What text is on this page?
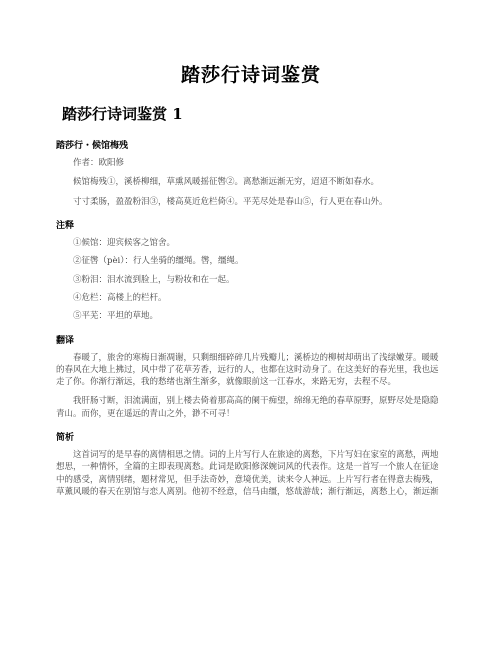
踏莎行诗词鉴赏
踏莎行诗词鉴赏 1
踏莎行・候馆梅残

作者：欧阳修

候馆梅残①，溪桥柳细，草熏风暖摇征辔②。离愁渐远渐无穷，迢迢不断如春水。

寸寸柔肠，盈盈粉泪③，楼高莫近危栏倚④。平芜尽处是春山⑤，行人更在春山外。

注释

①候馆：迎宾候客之馆舍。

②征辔（pèi）：行人坐骑的缰绳。辔，缰绳。

③粉泪：泪水流到脸上，与粉妆和在一起。

④危栏：高楼上的栏杆。

⑤平芜：平坦的草地。

翻译

春暖了，旅舍的寒梅日渐凋谢，只剩细细碎碎几片残瓣儿；溪桥边的柳树却萌出了浅绿嫩芽。暖暖的春风在大地上拂过，风中带了花草芳香，远行的人，也都在这时动身了。在这美好的春光里，我也远走了你。你渐行渐远，我的愁绪也渐生渐多，就像眼前这一江春水，来路无穷，去程不尽。

我肝肠寸断，泪流满面，别上楼去倚着那高高的阑干痴望，绵绵无绝的春草原野，原野尽处是隐隐青山。而你，更在遥远的青山之外，渺不可寻！

简析

这首词写的是早春的离情相思之情。词的上片写行人在旅途的离愁，下片写妇在家室的离愁，两地想思，一种情怀，全篇的主即表现离愁。此词是欧阳修深婉词风的代表作。这是一首写一个旅人在征途中的感受，离情别绪，题材常见，但手法奇妙，意境优美，读来令人神远。上片写行者在得意去梅残，草薰风暖的春天在别馆与恋人离别。他初不经意，信马由缰，悠哉游哉；渐行渐远，离愁上心，渐远渐
